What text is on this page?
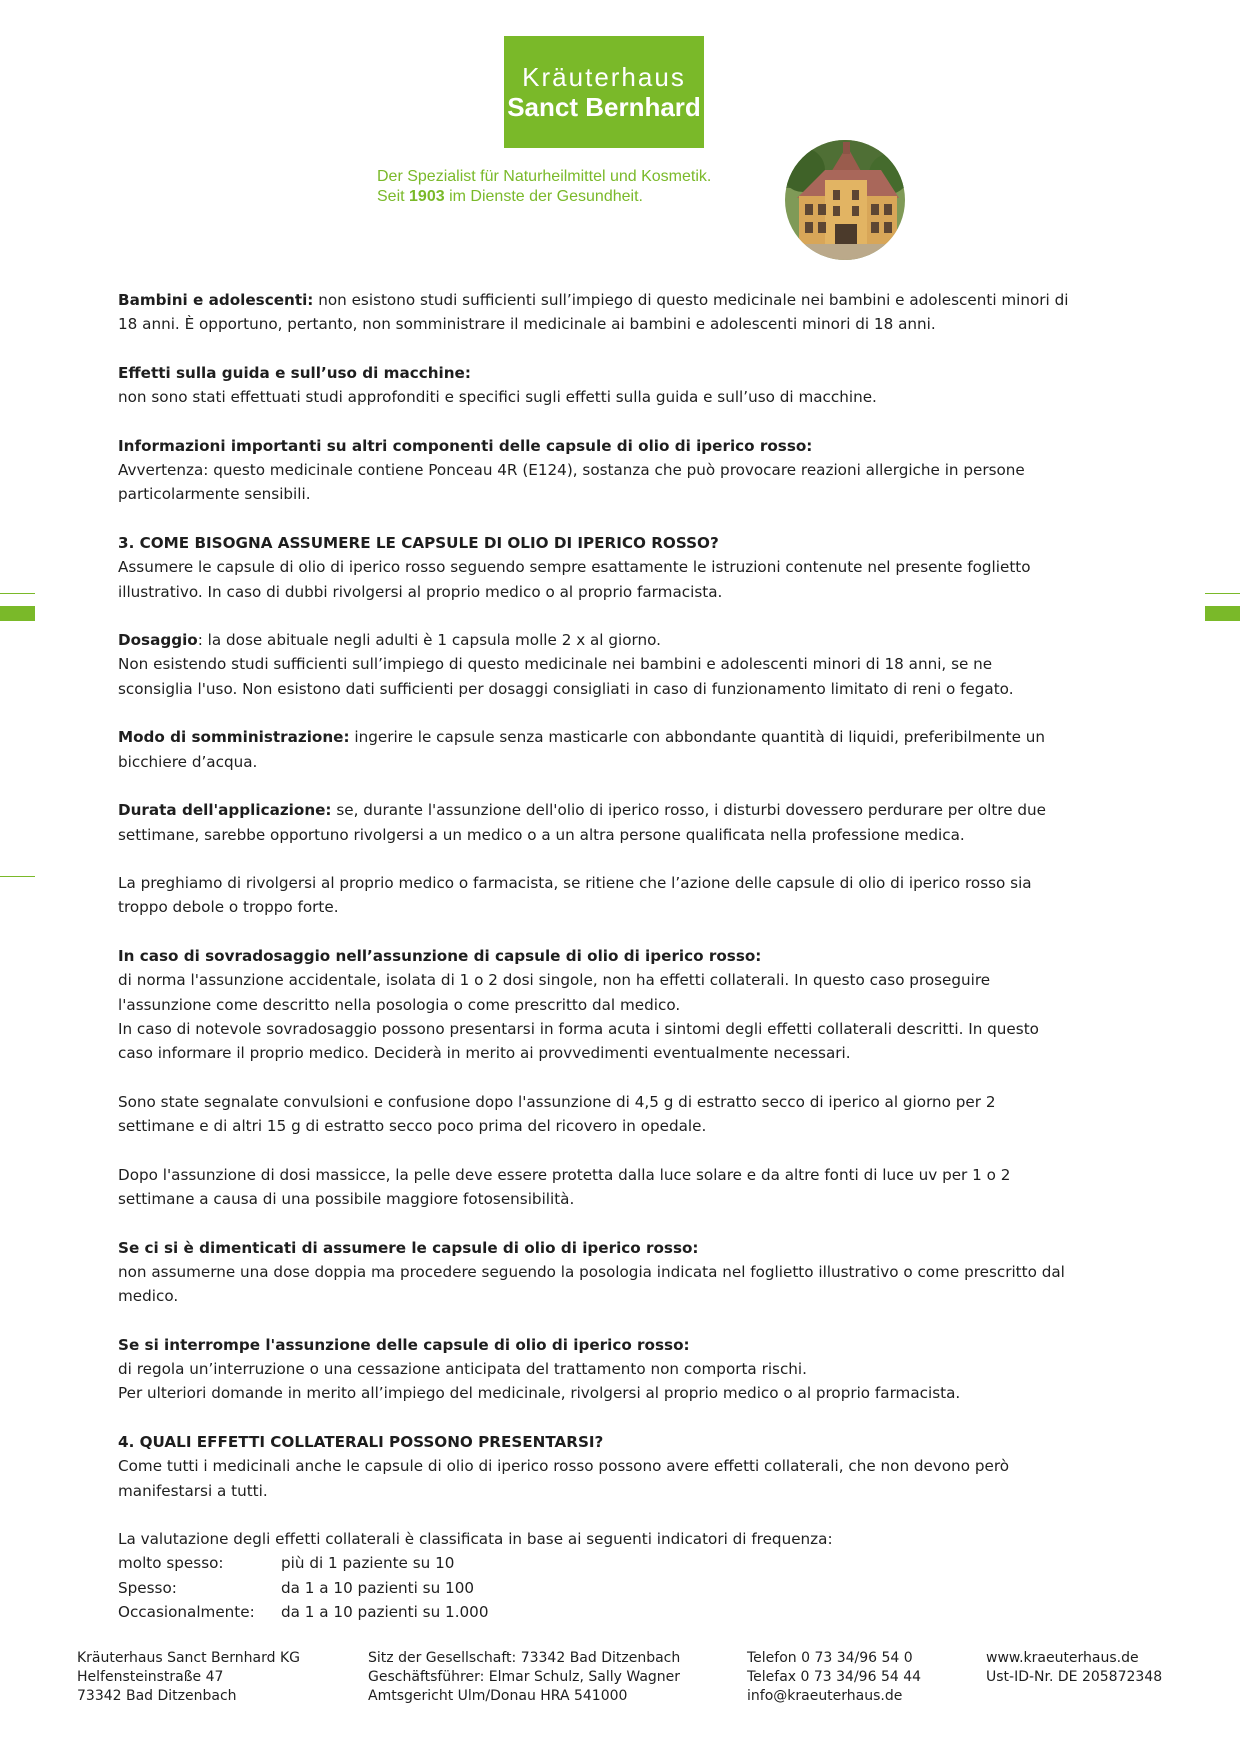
Kräuterhaus
Sanct Bernhard
Der Spezialist für Naturheilmittel und Kosmetik.
Seit 1903 im Dienste der Gesundheit.
Bambini e adolescenti: non esistono studi sufficienti sull’impiego di questo medicinale nei bambini e adolescenti minori di
18 anni. È opportuno, pertanto, non somministrare il medicinale ai bambini e adolescenti minori di 18 anni.
Effetti sulla guida e sull’uso di macchine:
non sono stati effettuati studi approfonditi e specifici sugli effetti sulla guida e sull’uso di macchine.
Informazioni importanti su altri componenti delle capsule di olio di iperico rosso:
Avvertenza: questo medicinale contiene Ponceau 4R (E124), sostanza che può provocare reazioni allergiche in persone
particolarmente sensibili.
3. COME BISOGNA ASSUMERE LE CAPSULE DI OLIO DI IPERICO ROSSO?
Assumere le capsule di olio di iperico rosso seguendo sempre esattamente le istruzioni contenute nel presente foglietto
illustrativo. In caso di dubbi rivolgersi al proprio medico o al proprio farmacista.
Dosaggio: la dose abituale negli adulti è 1 capsula molle 2 x al giorno.
Non esistendo studi sufficienti sull’impiego di questo medicinale nei bambini e adolescenti minori di 18 anni, se ne
sconsiglia l'uso. Non esistono dati sufficienti per dosaggi consigliati in caso di funzionamento limitato di reni o fegato.
Modo di somministrazione: ingerire le capsule senza masticarle con abbondante quantità di liquidi, preferibilmente un
bicchiere d’acqua.
Durata dell'applicazione: se, durante l'assunzione dell'olio di iperico rosso, i disturbi dovessero perdurare per oltre due
settimane, sarebbe opportuno rivolgersi a un medico o a un altra persone qualificata nella professione medica.
La preghiamo di rivolgersi al proprio medico o farmacista, se ritiene che l’azione delle capsule di olio di iperico rosso sia
troppo debole o troppo forte.
In caso di sovradosaggio nell’assunzione di capsule di olio di iperico rosso:
di norma l'assunzione accidentale, isolata di 1 o 2 dosi singole, non ha effetti collaterali. In questo caso proseguire
l'assunzione come descritto nella posologia o come prescritto dal medico.
In caso di notevole sovradosaggio possono presentarsi in forma acuta i sintomi degli effetti collaterali descritti. In questo
caso informare il proprio medico. Deciderà in merito ai provvedimenti eventualmente necessari.
Sono state segnalate convulsioni e confusione dopo l'assunzione di 4,5 g di estratto secco di iperico al giorno per 2
settimane e di altri 15 g di estratto secco poco prima del ricovero in opedale.
Dopo l'assunzione di dosi massicce, la pelle deve essere protetta dalla luce solare e da altre fonti di luce uv per 1 o 2
settimane a causa di una possibile maggiore fotosensibilità.
Se ci si è dimenticati di assumere le capsule di olio di iperico rosso:
non assumerne una dose doppia ma procedere seguendo la posologia indicata nel foglietto illustrativo o come prescritto dal
medico.
Se si interrompe l'assunzione delle capsule di olio di iperico rosso:
di regola un’interruzione o una cessazione anticipata del trattamento non comporta rischi.
Per ulteriori domande in merito all’impiego del medicinale, rivolgersi al proprio medico o al proprio farmacista.
4. QUALI EFFETTI COLLATERALI POSSONO PRESENTARSI?
Come tutti i medicinali anche le capsule di olio di iperico rosso possono avere effetti collaterali, che non devono però
manifestarsi a tutti.
La valutazione degli effetti collaterali è classificata in base ai seguenti indicatori di frequenza:
molto spesso:	più di 1 paziente su 10
Spesso:	da 1 a 10 pazienti su 100
Occasionalmente:	da 1 a 10 pazienti su 1.000
Kräuterhaus Sanct Bernhard KG
Helfensteinstraße 47
73342 Bad Ditzenbach
Sitz der Gesellschaft: 73342 Bad Ditzenbach
Geschäftsführer: Elmar Schulz, Sally Wagner
Amtsgericht Ulm/Donau HRA 541000
Telefon 0 73 34/96 54 0
Telefax 0 73 34/96 54 44
info@kraeuterhaus.de
www.kraeuterhaus.de
Ust-ID-Nr. DE 205872348
